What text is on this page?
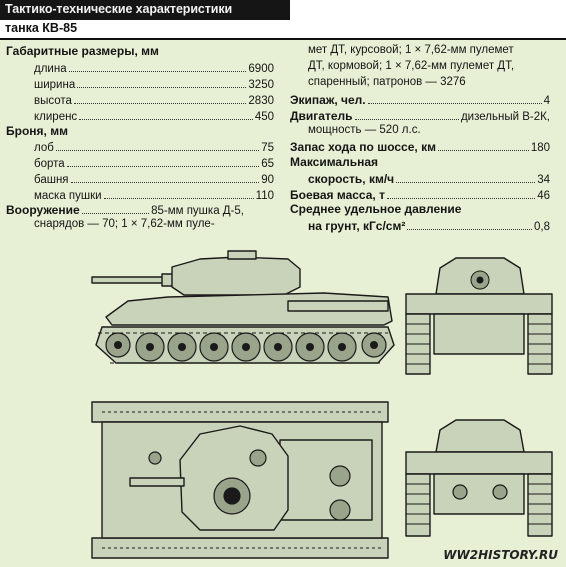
Тактико-технические характеристики
танка КВ-85
Габаритные размеры, мм
длина	6900
ширина	3250
высота	2830
клиренс	450
Броня, мм
лоб	75
борта	65
башня	90
маска пушки	110
Вооружение	85-мм пушка Д-5,
снарядов — 70; 1 × 7,62-мм пуле-
мет ДТ, курсовой; 1 × 7,62-мм пулемет
ДТ, кормовой; 1 × 7,62-мм пулемет ДТ,
спаренный; патронов — 3276
Экипаж, чел.	4
Двигатель	дизельный В-2К,
мощность — 520 л.с.
Запас хода по шоссе, км	180
Максимальная
скорость, км/ч	34
Боевая масса, т	46
Среднее удельное давление
на грунт, кГс/см²	0,8
WW2HISTORY.RU
